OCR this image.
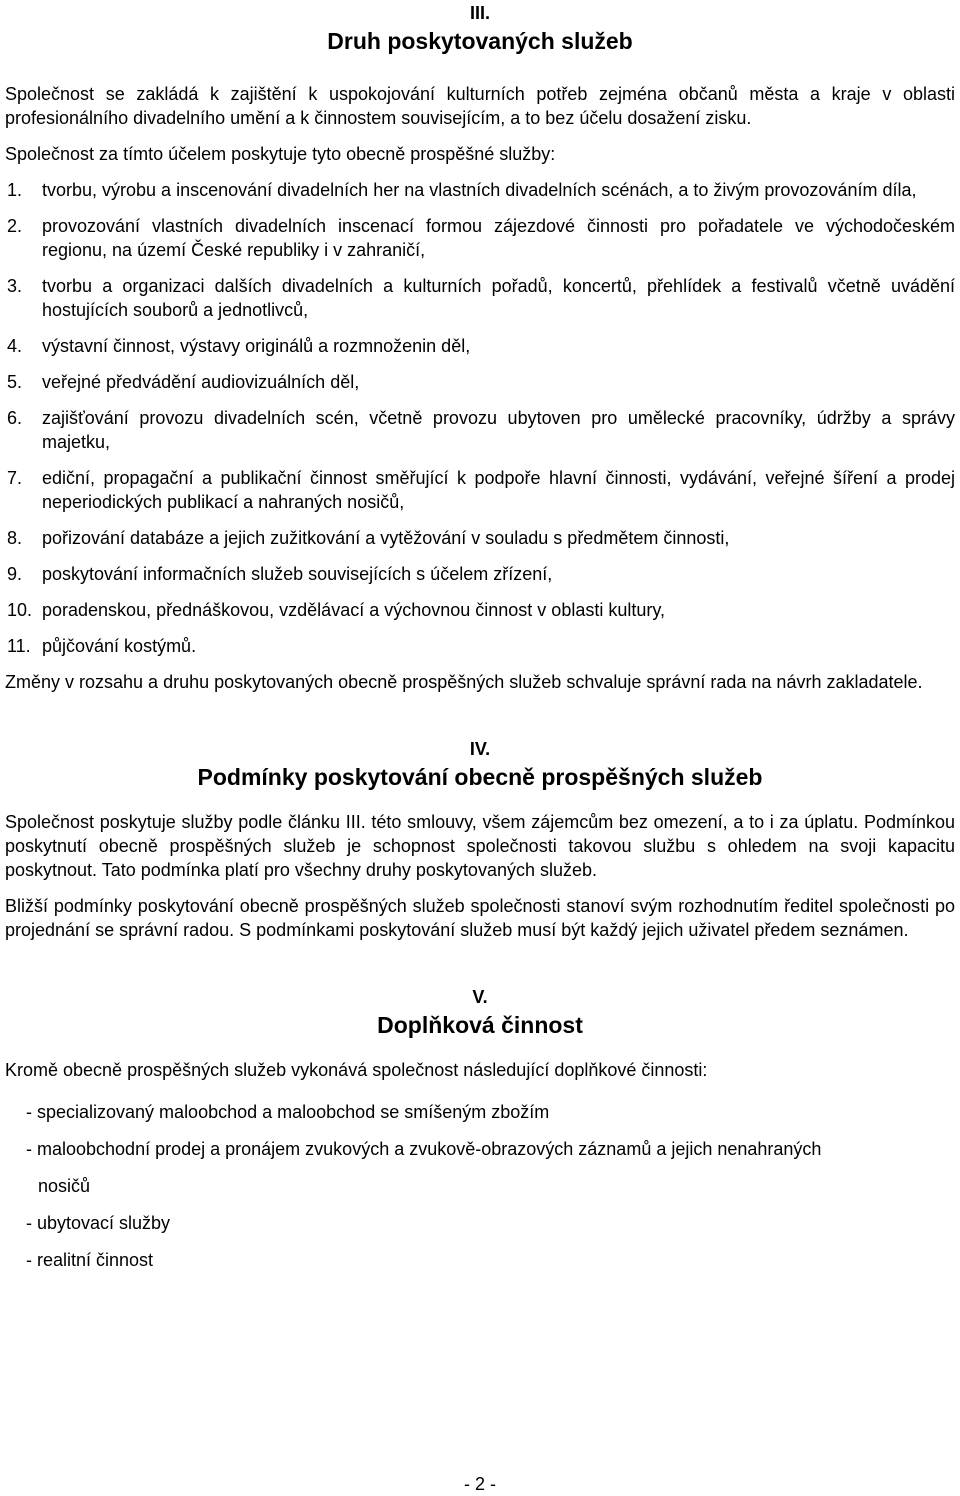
III.
Druh poskytovaných služeb

Společnost se zakládá k zajištění k uspokojování kulturních potřeb zejména občanů města a kraje v oblasti profesionálního divadelního umění a k činnostem souvisejícím, a to bez účelu dosažení zisku.

Společnost za tímto účelem poskytuje tyto obecně prospěšné služby:

1.	tvorbu, výrobu a inscenování divadelních her na vlastních divadelních scénách, a to živým provozováním díla,
2.	provozování vlastních divadelních inscenací formou zájezdové činnosti pro pořadatele ve východočeském regionu, na území České republiky i v zahraničí,
3.	tvorbu a organizaci dalších divadelních a kulturních pořadů, koncertů, přehlídek a festivalů včetně uvádění hostujících souborů a jednotlivců,
4.	výstavní činnost, výstavy originálů a rozmnoženin děl,
5.	veřejné předvádění audiovizuálních děl,
6.	zajišťování provozu divadelních scén, včetně provozu ubytoven pro umělecké pracovníky, údržby a správy majetku,
7.	ediční, propagační a publikační činnost směřující k podpoře hlavní činnosti, vydávání, veřejné šíření a prodej neperiodických publikací a nahraných nosičů,
8.	pořizování databáze a jejich zužitkování a vytěžování v souladu s předmětem činnosti,
9.	poskytování informačních služeb souvisejících s účelem zřízení,
10. poradenskou, přednáškovou, vzdělávací a výchovnou činnost v oblasti kultury,
11. půjčování kostýmů.

Změny v rozsahu a druhu poskytovaných obecně prospěšných služeb schvaluje správní rada na návrh zakladatele.

IV.
Podmínky poskytování obecně prospěšných služeb

Společnost poskytuje služby podle článku III. této smlouvy, všem zájemcům bez omezení, a to i za úplatu. Podmínkou poskytnutí obecně prospěšných služeb je schopnost společnosti takovou službu s ohledem na svoji kapacitu poskytnout. Tato podmínka platí pro všechny druhy poskytovaných služeb.

Bližší podmínky poskytování obecně prospěšných služeb společnosti stanoví svým rozhodnutím ředitel společnosti po projednání se správní radou. S podmínkami poskytování služeb musí být každý jejich uživatel předem seznámen.

V.
Doplňková činnost

Kromě obecně prospěšných služeb vykonává společnost následující doplňkové činnosti:

- specializovaný maloobchod a maloobchod se smíšeným zbožím
- maloobchodní prodej a pronájem zvukových a zvukově-obrazových záznamů a jejich nenahraných
nosičů
- ubytovací služby
- realitní činnost
- 2 -
